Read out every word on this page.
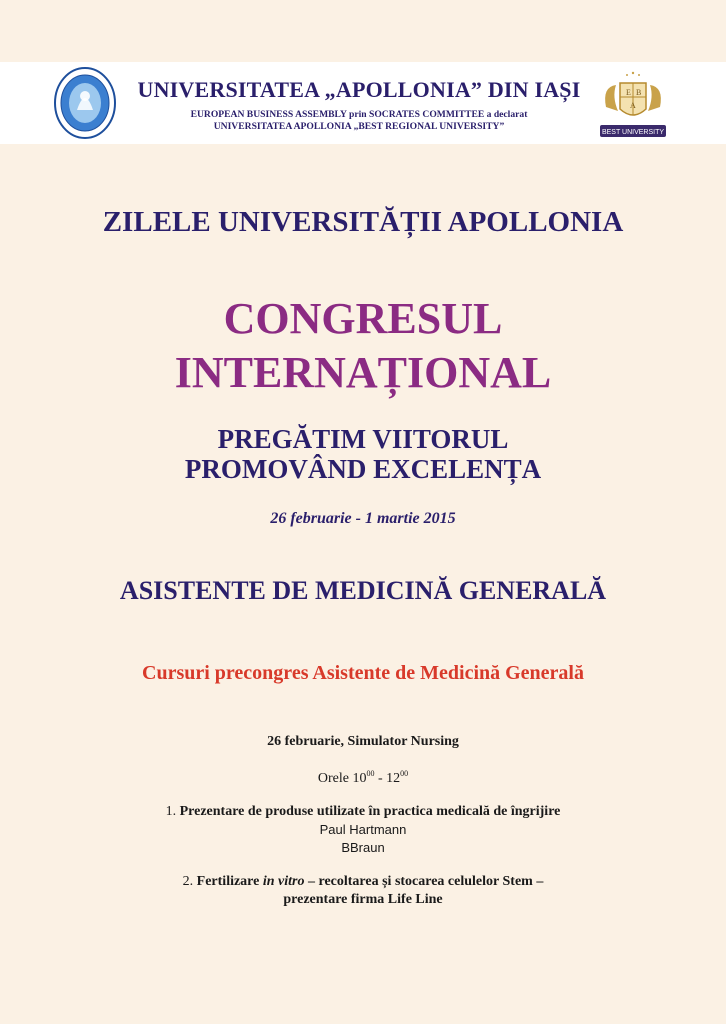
UNIVERSITATEA „APOLLONIA” DIN IAȘI
EUROPEAN BUSINESS ASSEMBLY prin SOCRATES COMMITTEE a declarat
UNIVERSITATEA APOLLONIA „BEST REGIONAL UNIVERSITY”
E B
A
BEST UNIVERSITY
ZILELE UNIVERSITĂȚII APOLLONIA
CONGRESUL
INTERNAȚIONAL
PREGĂTIM VIITORUL
PROMOVÂND EXCELENȚA
26 februarie - 1 martie 2015
ASISTENTE DE MEDICINĂ GENERALĂ
Cursuri precongres Asistente de Medicină Generală
26 februarie, Simulator Nursing
Orele $10^{00} - 12^{00}$
1. Prezentare de produse utilizate în practica medicală de îngrijire
Paul Hartmann
BBraun
2. Fertilizare in vitro – recoltarea și stocarea celulelor Stem –
prezentare firma Life Line
